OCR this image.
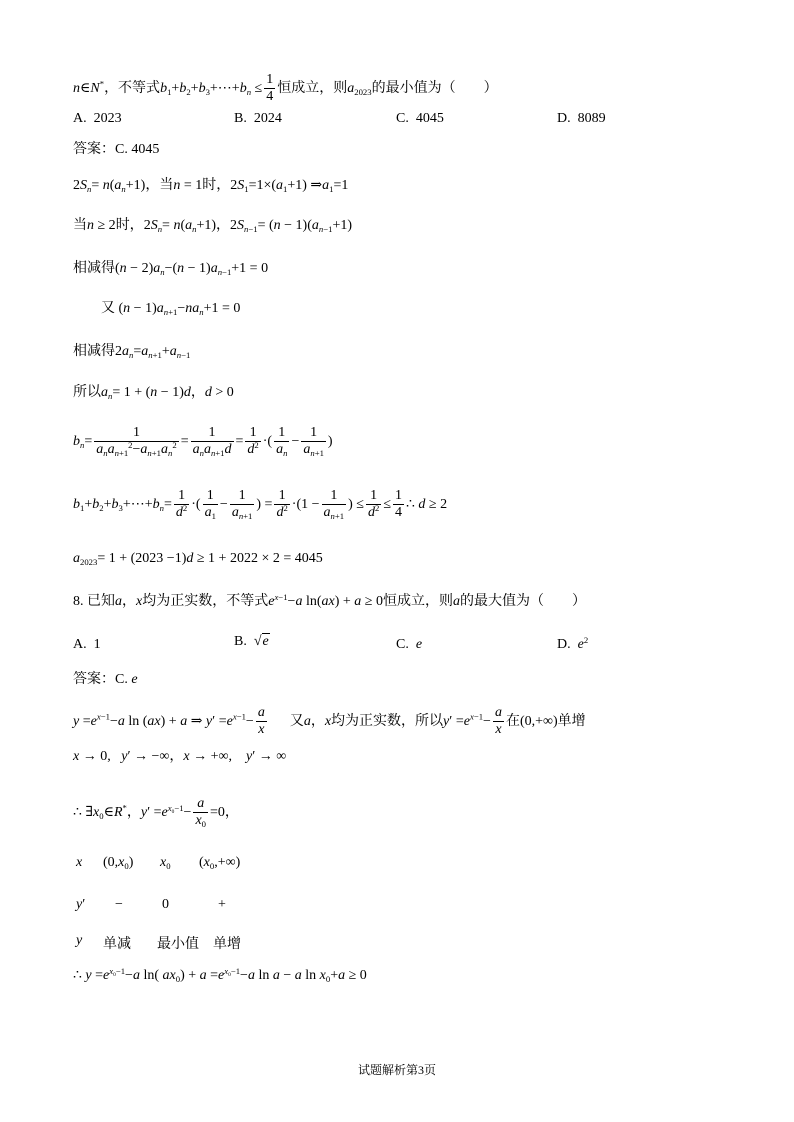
n∈N*，不等式$b_1+b_2+b_3+\cdots+b_n \le \frac{1}{4}$ 恒成立，则$a_{2023}$的最小值为（　　）
A. 2023	B. 2024	C. 4045	D. 8089
答案：C. 4045
$2S_n= n(a_n+1)$，当n = 1时，$2S_1=1\times(a_1+1)$ $\Rightarrow a_1=1$
当n ≥ 2时，$2S_n= n(a_n+1)$，$2S_{n-1}= (n - 1)(a_{n-1}+1)$
相减得$(n - 2)a_n-(n - 1)a_{n-1}+1 = 0$
又 $(n - 1)a_{n+1}-na_n+1 = 0$
相减得$2a_n=a_{n+1}+a_{n-1}$
所以$a_n= 1 + (n - 1)d$，d > 0
$b_n= \frac{1}{a_na_{n+1}^2-a_{n+1}a_n^2} = \frac{1}{a_na_{n+1}d} = \frac{1}{d^2}$ ·( $\frac{1}{a_n} - \frac{1}{a_{n+1}}$ )
$b_1+b_2+b_3+\cdots+b_n= \frac{1}{d^2}$ ·( $\frac{1}{a_1} - \frac{1}{a_{n+1}}$ ) = $\frac{1}{d^2} \cdot(1 - \frac{1}{a_{n+1}}$ ) ≤ $\frac{1}{d^2} \le \frac{1}{4}$ ∴ d ≥ 2
$a_{2023}= 1 + (2023 -1)d \ge 1 + 2022 \times 2 = 4045$
8. 已知a，x均为正实数，不等式$e^{x-1}-a$ ln(ax) + a ≥ 0恒成立，则a的最大值为（　　）
A. 1	B.  √e	C. e	D. $e^2$
答案：C. e
$y =e^{x-1}-a$ ln (ax) + a ⇒ $y' =e^{x-1}- \frac{a}{x}$ 又a，x均为正实数，所以$y' =e^{x-1}- \frac{a}{x}$ 在(0,+∞)单增
x → 0,   y′ → −∞，x → +∞,    y′ → ∞
∴ $\exists x_0\in R^*$，$y' =e^{x_0-1}- \frac{a}{x_0} =0$，
x $(0,x_0)$ $x_0$ $(x_0,+\infty)$
y′ −	0	+
y 单减 最小值 单增
∴ $y =e^{x_0-1}-a$ ln( $ax_0) + a =e^{x_0-1}-a$ ln a − a $\ln x_0+a \ge 0$
试题解析第3页
